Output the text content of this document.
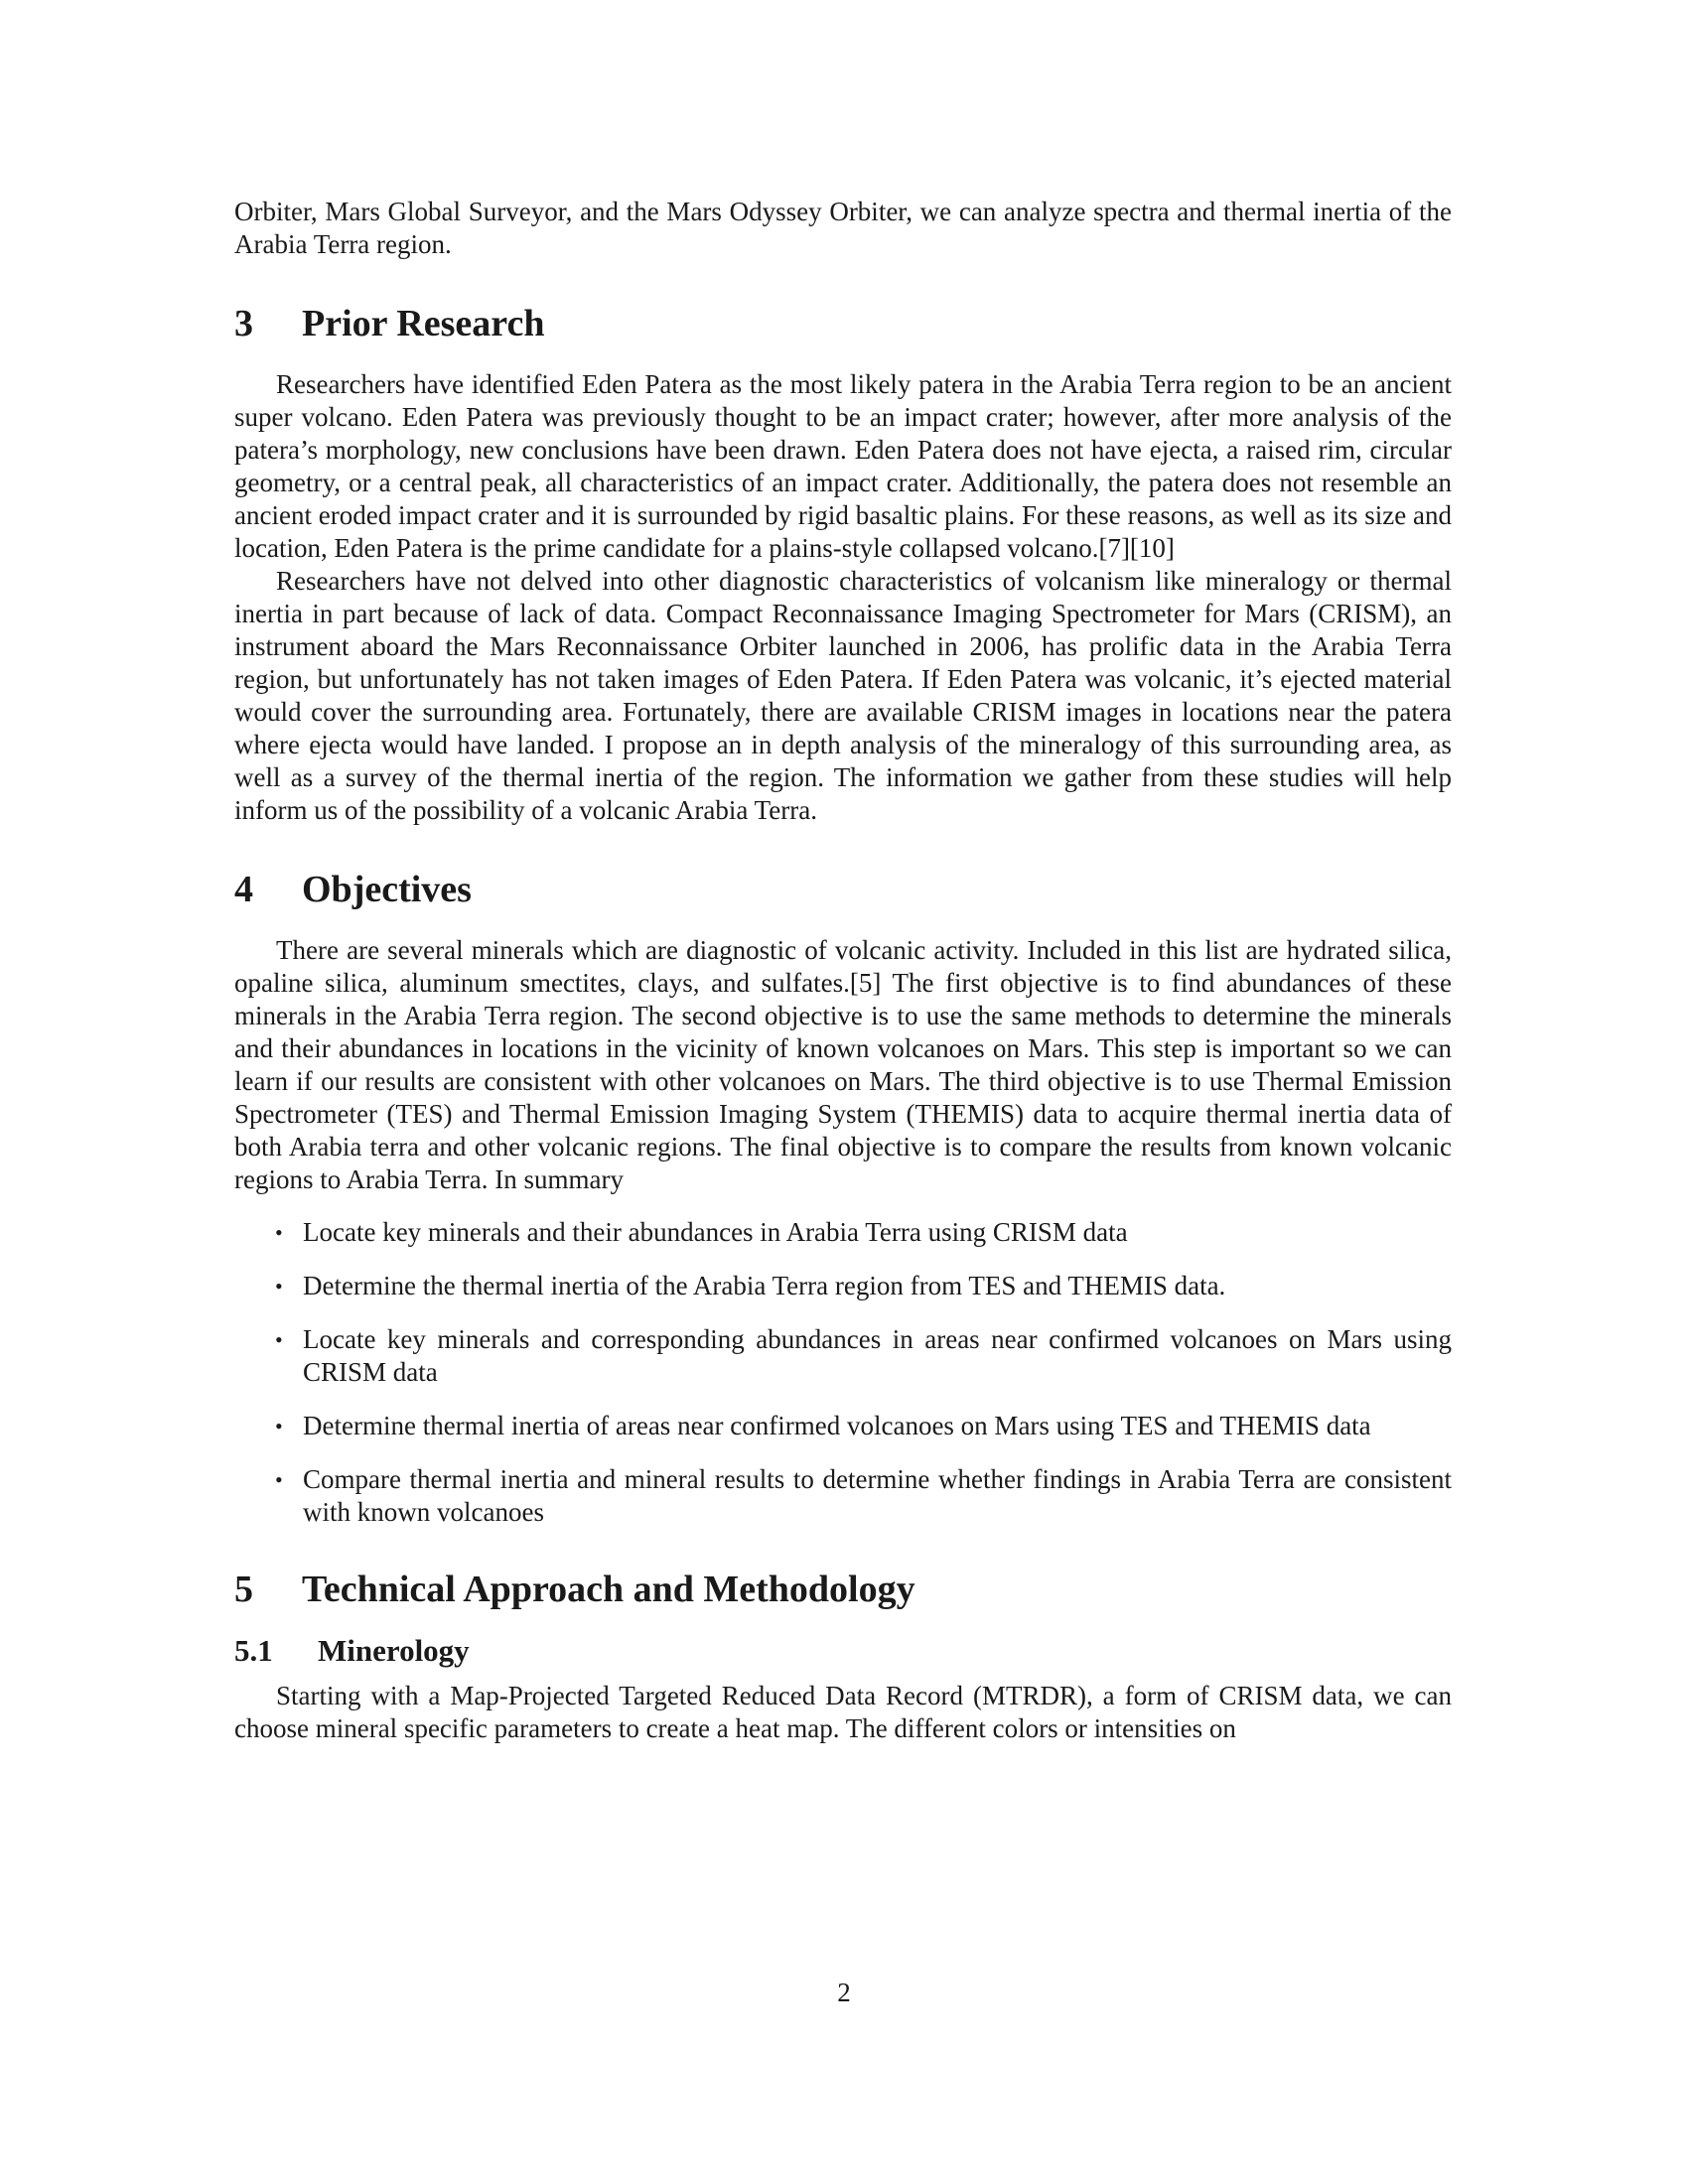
Orbiter, Mars Global Surveyor, and the Mars Odyssey Orbiter, we can analyze spectra and thermal inertia of the Arabia Terra region.

3 Prior Research

Researchers have identified Eden Patera as the most likely patera in the Arabia Terra region to be an ancient super volcano. Eden Patera was previously thought to be an impact crater; however, after more analysis of the patera’s morphology, new conclusions have been drawn. Eden Patera does not have ejecta, a raised rim, circular geometry, or a central peak, all characteristics of an impact crater. Additionally, the patera does not resemble an ancient eroded impact crater and it is surrounded by rigid basaltic plains. For these reasons, as well as its size and location, Eden Patera is the prime candidate for a plains-style collapsed volcano.[7][10]

Researchers have not delved into other diagnostic characteristics of volcanism like mineralogy or thermal inertia in part because of lack of data. Compact Reconnaissance Imaging Spectrometer for Mars (CRISM), an instrument aboard the Mars Reconnaissance Orbiter launched in 2006, has prolific data in the Arabia Terra region, but unfortunately has not taken images of Eden Patera. If Eden Patera was volcanic, it’s ejected material would cover the surrounding area. Fortunately, there are available CRISM images in locations near the patera where ejecta would have landed. I propose an in depth analysis of the mineralogy of this surrounding area, as well as a survey of the thermal inertia of the region. The information we gather from these studies will help inform us of the possibility of a volcanic Arabia Terra.

4 Objectives

There are several minerals which are diagnostic of volcanic activity. Included in this list are hydrated silica, opaline silica, aluminum smectites, clays, and sulfates.[5] The first objective is to find abundances of these minerals in the Arabia Terra region. The second objective is to use the same methods to determine the minerals and their abundances in locations in the vicinity of known volcanoes on Mars. This step is important so we can learn if our results are consistent with other volcanoes on Mars. The third objective is to use Thermal Emission Spectrometer (TES) and Thermal Emission Imaging System (THEMIS) data to acquire thermal inertia data of both Arabia terra and other volcanic regions. The final objective is to compare the results from known volcanic regions to Arabia Terra. In summary

• Locate key minerals and their abundances in Arabia Terra using CRISM data
• Determine the thermal inertia of the Arabia Terra region from TES and THEMIS data.
• Locate key minerals and corresponding abundances in areas near confirmed volcanoes on Mars using CRISM data
• Determine thermal inertia of areas near confirmed volcanoes on Mars using TES and THEMIS data
• Compare thermal inertia and mineral results to determine whether findings in Arabia Terra are consistent with known volcanoes
5 Technical Approach and Methodology
5.1 Minerology

Starting with a Map-Projected Targeted Reduced Data Record (MTRDR), a form of CRISM data, we can choose mineral specific parameters to create a heat map. The different colors or intensities on

2
